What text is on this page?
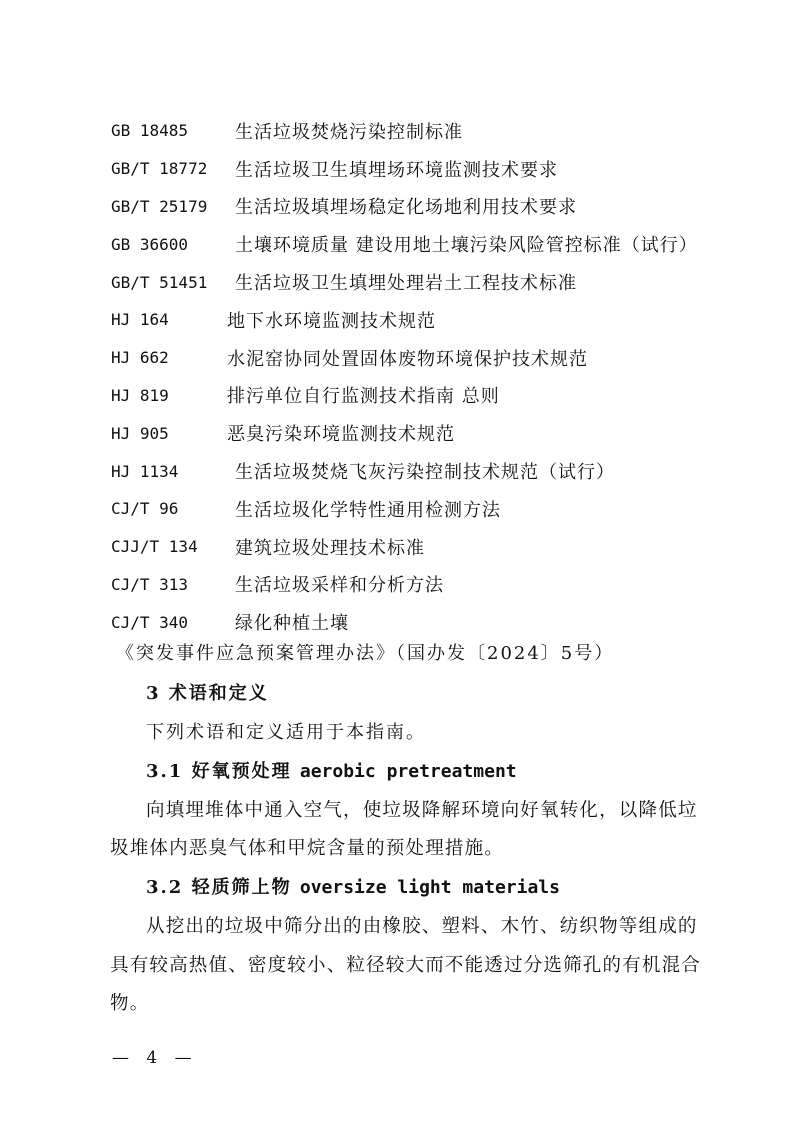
GB 18485	生活垃圾焚烧污染控制标准
GB/T 18772	生活垃圾卫生填埋场环境监测技术要求
GB/T 25179	生活垃圾填埋场稳定化场地利用技术要求
GB 36600	土壤环境质量 建设用地土壤污染风险管控标准（试行）
GB/T 51451	生活垃圾卫生填埋处理岩土工程技术标准
HJ 164	地下水环境监测技术规范
HJ 662	水泥窑协同处置固体废物环境保护技术规范
HJ 819	排污单位自行监测技术指南 总则
HJ 905	恶臭污染环境监测技术规范
HJ 1134	生活垃圾焚烧飞灰污染控制技术规范（试行）
CJ/T 96	生活垃圾化学特性通用检测方法
CJJ/T 134	建筑垃圾处理技术标准
CJ/T 313	生活垃圾采样和分析方法
CJ/T 340	绿化种植土壤
《突发事件应急预案管理办法》（国办发〔2024〕5号）
3 术语和定义
下列术语和定义适用于本指南。
3.1 好氧预处理 aerobic pretreatment
向填埋堆体中通入空气，使垃圾降解环境向好氧转化，以降低垃
圾堆体内恶臭气体和甲烷含量的预处理措施。
3.2 轻质筛上物 oversize light materials
从挖出的垃圾中筛分出的由橡胶、塑料、木竹、纺织物等组成的
具有较高热值、密度较小、粒径较大而不能透过分选筛孔的有机混合
物。
— 4 —
